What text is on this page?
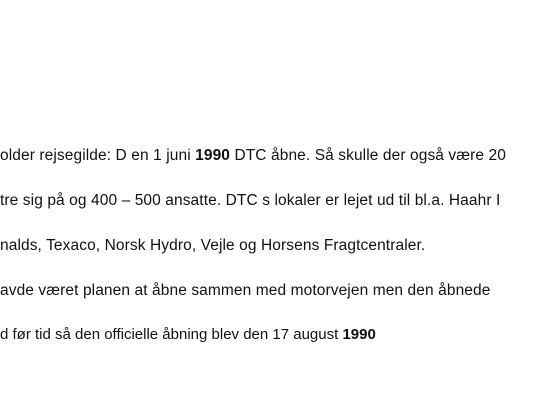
older rejsegilde: D en 1 juni 1990 DTC åbne. Så skulle der også være 20
tre sig på og 400 – 500 ansatte. DTC s lokaler er lejet ud til bl.a. Haahr I
nalds, Texaco, Norsk Hydro, Vejle og Horsens Fragtcentraler.
avde været planen at åbne sammen med motorvejen men den åbnede
d før tid så den officielle åbning blev den 17 august 1990
